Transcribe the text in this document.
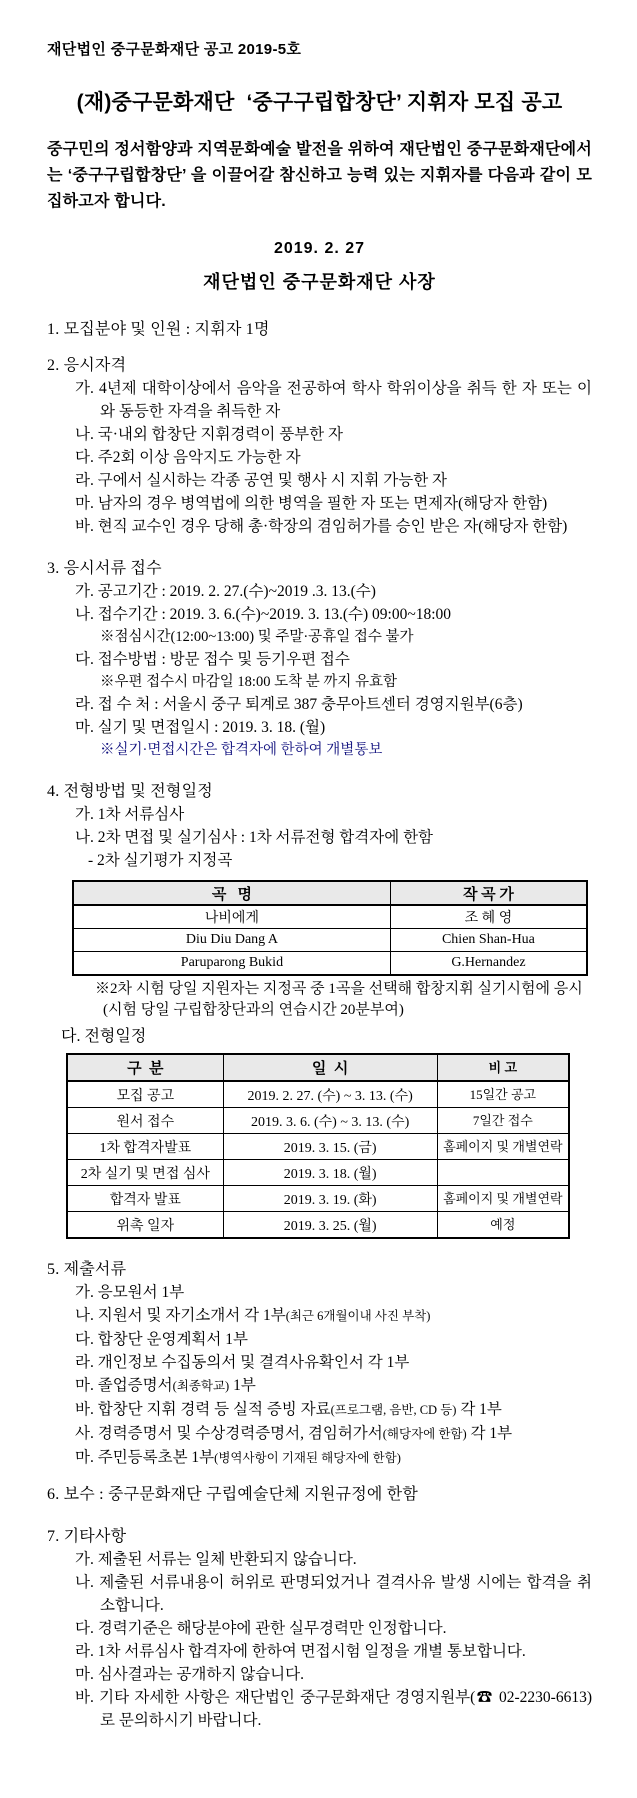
재단법인 중구문화재단 공고 2019-5호
(재)중구문화재단  ‘중구구립합창단’ 지휘자 모집 공고
중구민의 정서함양과 지역문화예술 발전을 위하여 재단법인 중구문화재단에서는 ‘중구구립합창단’ 을 이끌어갈 참신하고 능력 있는 지휘자를 다음과 같이 모집하고자 합니다.
2019. 2. 27
재단법인 중구문화재단 사장
1. 모집분야 및 인원 : 지휘자 1명
2. 응시자격
가. 4년제 대학이상에서 음악을 전공하여 학사 학위이상을 취득 한 자 또는 이와 동등한 자격을 취득한 자
나. 국·내외 합창단 지휘경력이 풍부한 자
다. 주2회 이상 음악지도 가능한 자
라. 구에서 실시하는 각종 공연 및 행사 시 지휘 가능한 자
마. 남자의 경우 병역법에 의한 병역을 필한 자 또는 면제자(해당자 한함)
바. 현직 교수인 경우 당해 총·학장의 겸임허가를 승인 받은 자(해당자 한함)
3. 응시서류 접수
가. 공고기간 : 2019. 2. 27.(수)~2019 .3. 13.(수)
나. 접수기간 : 2019. 3. 6.(수)~2019. 3. 13.(수) 09:00~18:00
※점심시간(12:00~13:00) 및 주말·공휴일 접수 불가
다. 접수방법 : 방문 접수 및 등기우편 접수
※우편 접수시 마감일 18:00 도착 분 까지 유효함
라. 접 수 처 : 서울시 중구 퇴계로 387 충무아트센터 경영지원부(6층)
마. 실기 및 면접일시 : 2019. 3. 18. (월)
※실기·면접시간은 합격자에 한하여 개별통보
4. 전형방법 및 전형일정
가. 1차 서류심사
나. 2차 면접 및 실기심사 : 1차 서류전형 합격자에 한함
- 2차 실기평가 지정곡
곡   명	작 곡 가
나비에게	조 혜 영
Diu Diu Dang A	Chien Shan-Hua
Paruparong Bukid	G.Hernandez
※2차 시험 당일 지원자는 지정곡 중 1곡을 선택해 합창지휘 실기시험에 응시
(시험 당일 구립합창단과의 연습시간 20분부여)
다. 전형일정
구  분	일  시	비 고
모집 공고	2019. 2. 27. (수) ~ 3. 13. (수)	15일간 공고
원서 접수	2019. 3. 6. (수) ~ 3. 13. (수)	7일간 접수
1차 합격자발표	2019. 3. 15. (금)	홈페이지 및 개별연락
2차 실기 및 면접 심사	2019. 3. 18. (월)	
합격자 발표	2019. 3. 19. (화)	홈페이지 및 개별연락
위촉 일자	2019. 3. 25. (월)	예정
5. 제출서류
가. 응모원서 1부
나. 지원서 및 자기소개서 각 1부(최근 6개월이내 사진 부착)
다. 합창단 운영계획서 1부
라. 개인정보 수집동의서 및 결격사유확인서 각 1부
마. 졸업증명서(최종학교) 1부
바. 합창단 지휘 경력 등 실적 증빙 자료(프로그램, 음반, CD 등) 각 1부
사. 경력증명서 및 수상경력증명서, 겸임허가서(해당자에 한함) 각 1부
마. 주민등록초본 1부(병역사항이 기재된 해당자에 한함)
6. 보수 : 중구문화재단 구립예술단체 지원규정에 한함
7. 기타사항
가. 제출된 서류는 일체 반환되지 않습니다.
나. 제출된 서류내용이 허위로 판명되었거나 결격사유 발생 시에는 합격을 취소합니다.
다. 경력기준은 해당분야에 관한 실무경력만 인정합니다.
라. 1차 서류심사 합격자에 한하여 면접시험 일정을 개별 통보합니다.
마. 심사결과는 공개하지 않습니다.
바. 기타 자세한 사항은 재단법인 중구문화재단 경영지원부(☎ 02-2230-6613)로 문의하시기 바랍니다.
